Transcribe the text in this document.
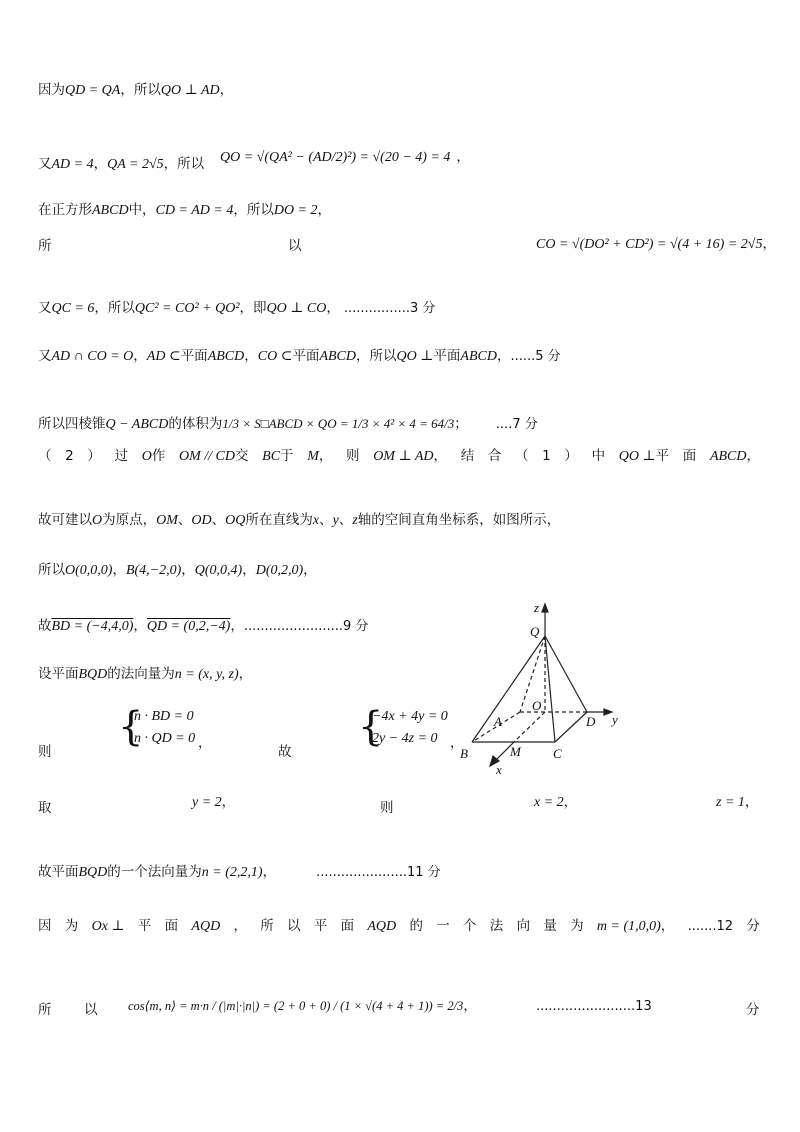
因为QD = QA，所以QO ⊥ AD，
又AD = 4，QA = 2√5，所以 QO = √(QA² − (AD/2)²) = √(20 − 4) = 4 ，
在正方形ABCD中，CD = AD = 4，所以DO = 2，
所	以	CO = √(DO² + CD²) = √(4 + 16) = 2√5，
又QC = 6，所以QC² = CO² + QO²，即QO ⊥ CO， ................3 分
又AD ∩ CO = O，AD ⊂平面ABCD，CO ⊂平面ABCD，所以QO ⊥平面ABCD，......5 分
所以四棱锥Q − ABCD的体积为1/3 × S□ABCD × QO = 1/3 × 4² × 4 = 64/3； ....7 分
（ 2 ） 过 O作 OM // CD交 BC于 M， 则 OM ⊥ AD， 结 合 （ 1 ） 中 QO ⊥平 面 ABCD，
故可建以O为原点，OM、OD、OQ所在直线为x、y、z轴的空间直角坐标系，如图所示，
所以O(0,0,0)，B(4,−2,0)，Q(0,0,4)，D(0,2,0)，
故BD = (−4,4,0)，QD = (0,2,−4)，........................9 分
设平面BQD的法向量为n = (x, y, z)，
则
{
n · BD = 0
n · QD = 0 ，
故
{
−4x + 4y = 0
2y − 4z = 0 ，
取	y = 2，	则	x = 2，	z = 1，
故平面BQD的一个法向量为n = (2,2,1)，	......................11 分
因 为 Ox ⊥ 平 面 AQD ， 所 以 平 面 AQD 的 一 个 法 向 量 为 m = (1,0,0)， .......12 分
所 以 cos⟨m, n⟩ = m·n / (|m|·|n|) = (2 + 0 + 0) / (1 × √(4 + 4 + 1)) = 2/3，	........................13	分
z
Q
O
D y
A
B	M C
x
